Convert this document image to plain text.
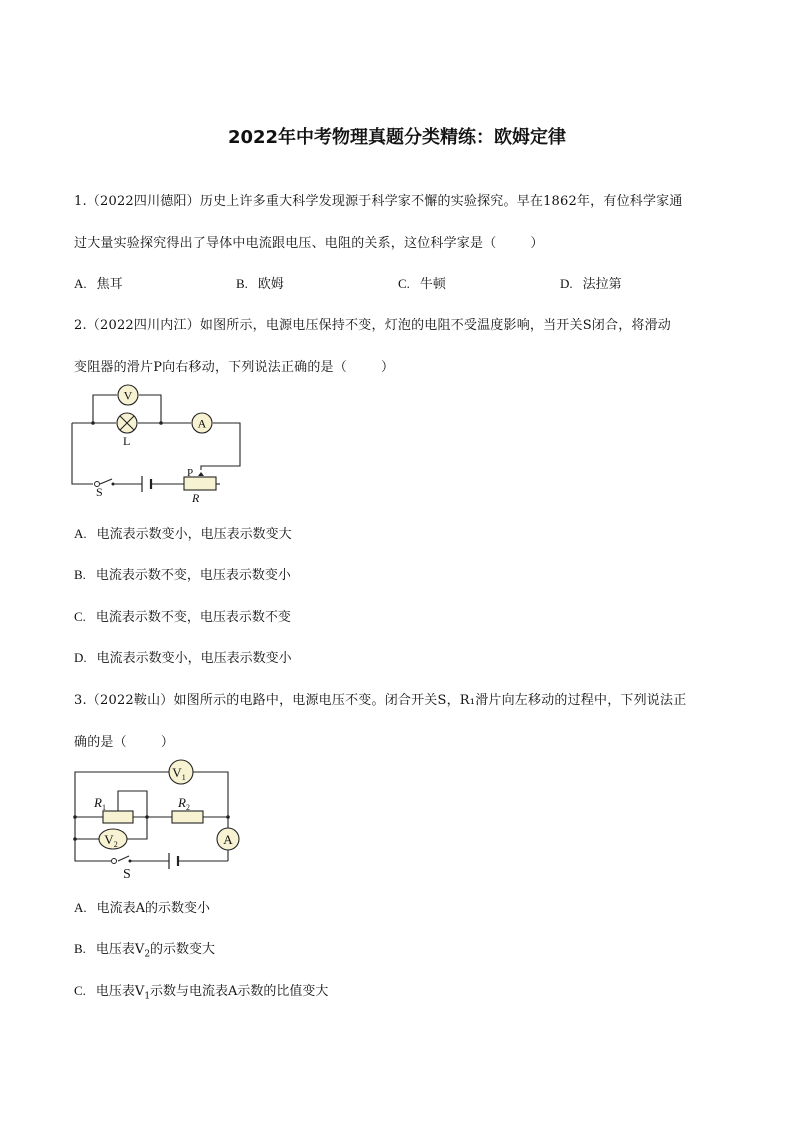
2022年中考物理真题分类精练：欧姆定律
1.（2022四川德阳）历史上许多重大科学发现源于科学家不懈的实验探究。早在1862年，有位科学家通
过大量实验探究得出了导体中电流跟电压、电阻的关系，这位科学家是（	）
A. 焦耳	B. 欧姆	C. 牛顿	D. 法拉第
2.（2022四川内江）如图所示，电源电压保持不变，灯泡的电阻不受温度影响，当开关S闭合，将滑动
变阻器的滑片P向右移动，下列说法正确的是（	）
V
L
A
P
R
S
A. 电流表示数变小，电压表示数变大
B. 电流表示数不变，电压表示数变小
C. 电流表示数不变，电压表示数不变
D. 电流表示数变小，电压表示数变小
3.（2022鞍山）如图所示的电路中，电源电压不变。闭合开关S，R₁滑片向左移动的过程中，下列说法正
确的是（	）
$V_1$
$R_1$	$R_2$
$V_2$	A
S
A. 电流表A的示数变小
B. 电压表$V_2$的示数变大
C. 电压表$V_1$示数与电流表A示数的比值变大
